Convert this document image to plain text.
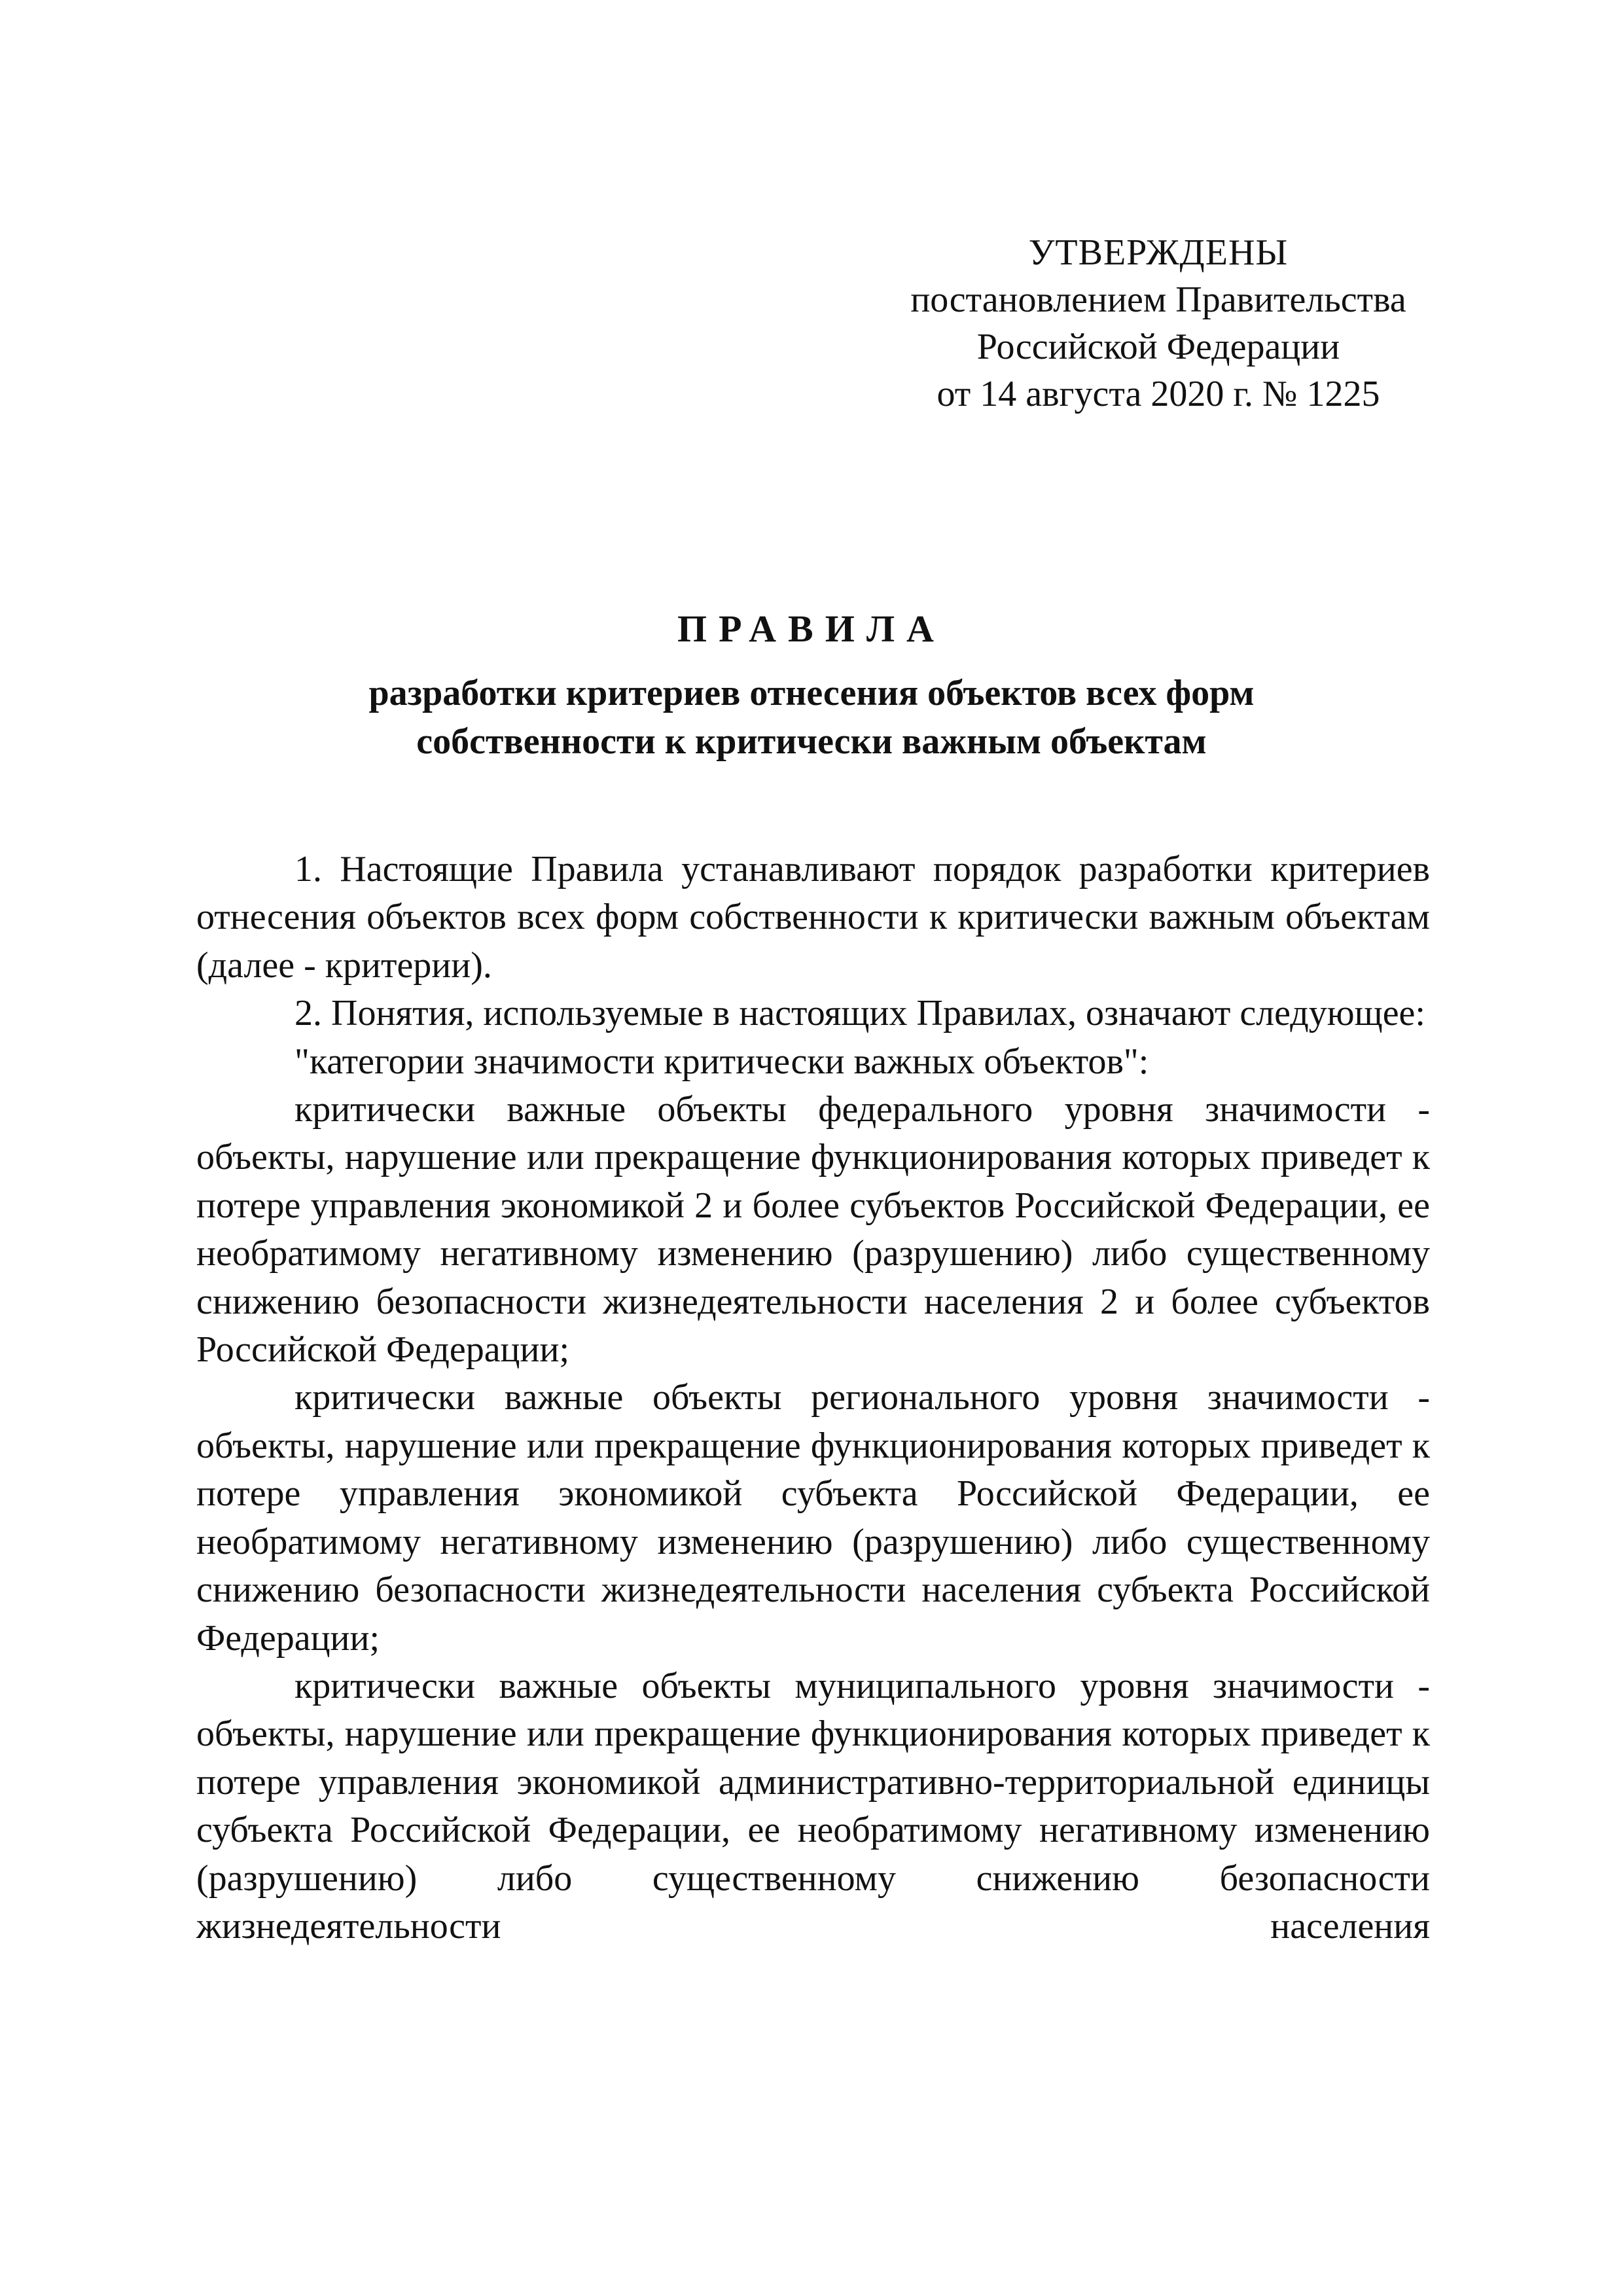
УТВЕРЖДЕНЫ
постановлением Правительства
Российской Федерации
от 14 августа 2020 г. № 1225
ПРАВИЛА
разработки критериев отнесения объектов всех форм
собственности к критически важным объектам

1. Настоящие Правила устанавливают порядок разработки критериев отнесения объектов всех форм собственности к критически важным объектам (далее - критерии).

2. Понятия, используемые в настоящих Правилах, означают следующее:

"категории значимости критически важных объектов":

критически важные объекты федерального уровня значимости - объекты, нарушение или прекращение функционирования которых приведет к потере управления экономикой 2 и более субъектов Российской Федерации, ее необратимому негативному изменению (разрушению) либо существенному снижению безопасности жизнедеятельности населения 2 и более субъектов Российской Федерации;

критически важные объекты регионального уровня значимости - объекты, нарушение или прекращение функционирования которых приведет к потере управления экономикой субъекта Российской Федерации, ее необратимому негативному изменению (разрушению) либо существенному снижению безопасности жизнедеятельности населения субъекта Российской Федерации;

критически важные объекты муниципального уровня значимости - объекты, нарушение или прекращение функционирования которых приведет к потере управления экономикой административно-территориальной единицы субъекта Российской Федерации, ее необратимому негативному изменению (разрушению) либо существенному снижению безопасности жизнедеятельности населения
